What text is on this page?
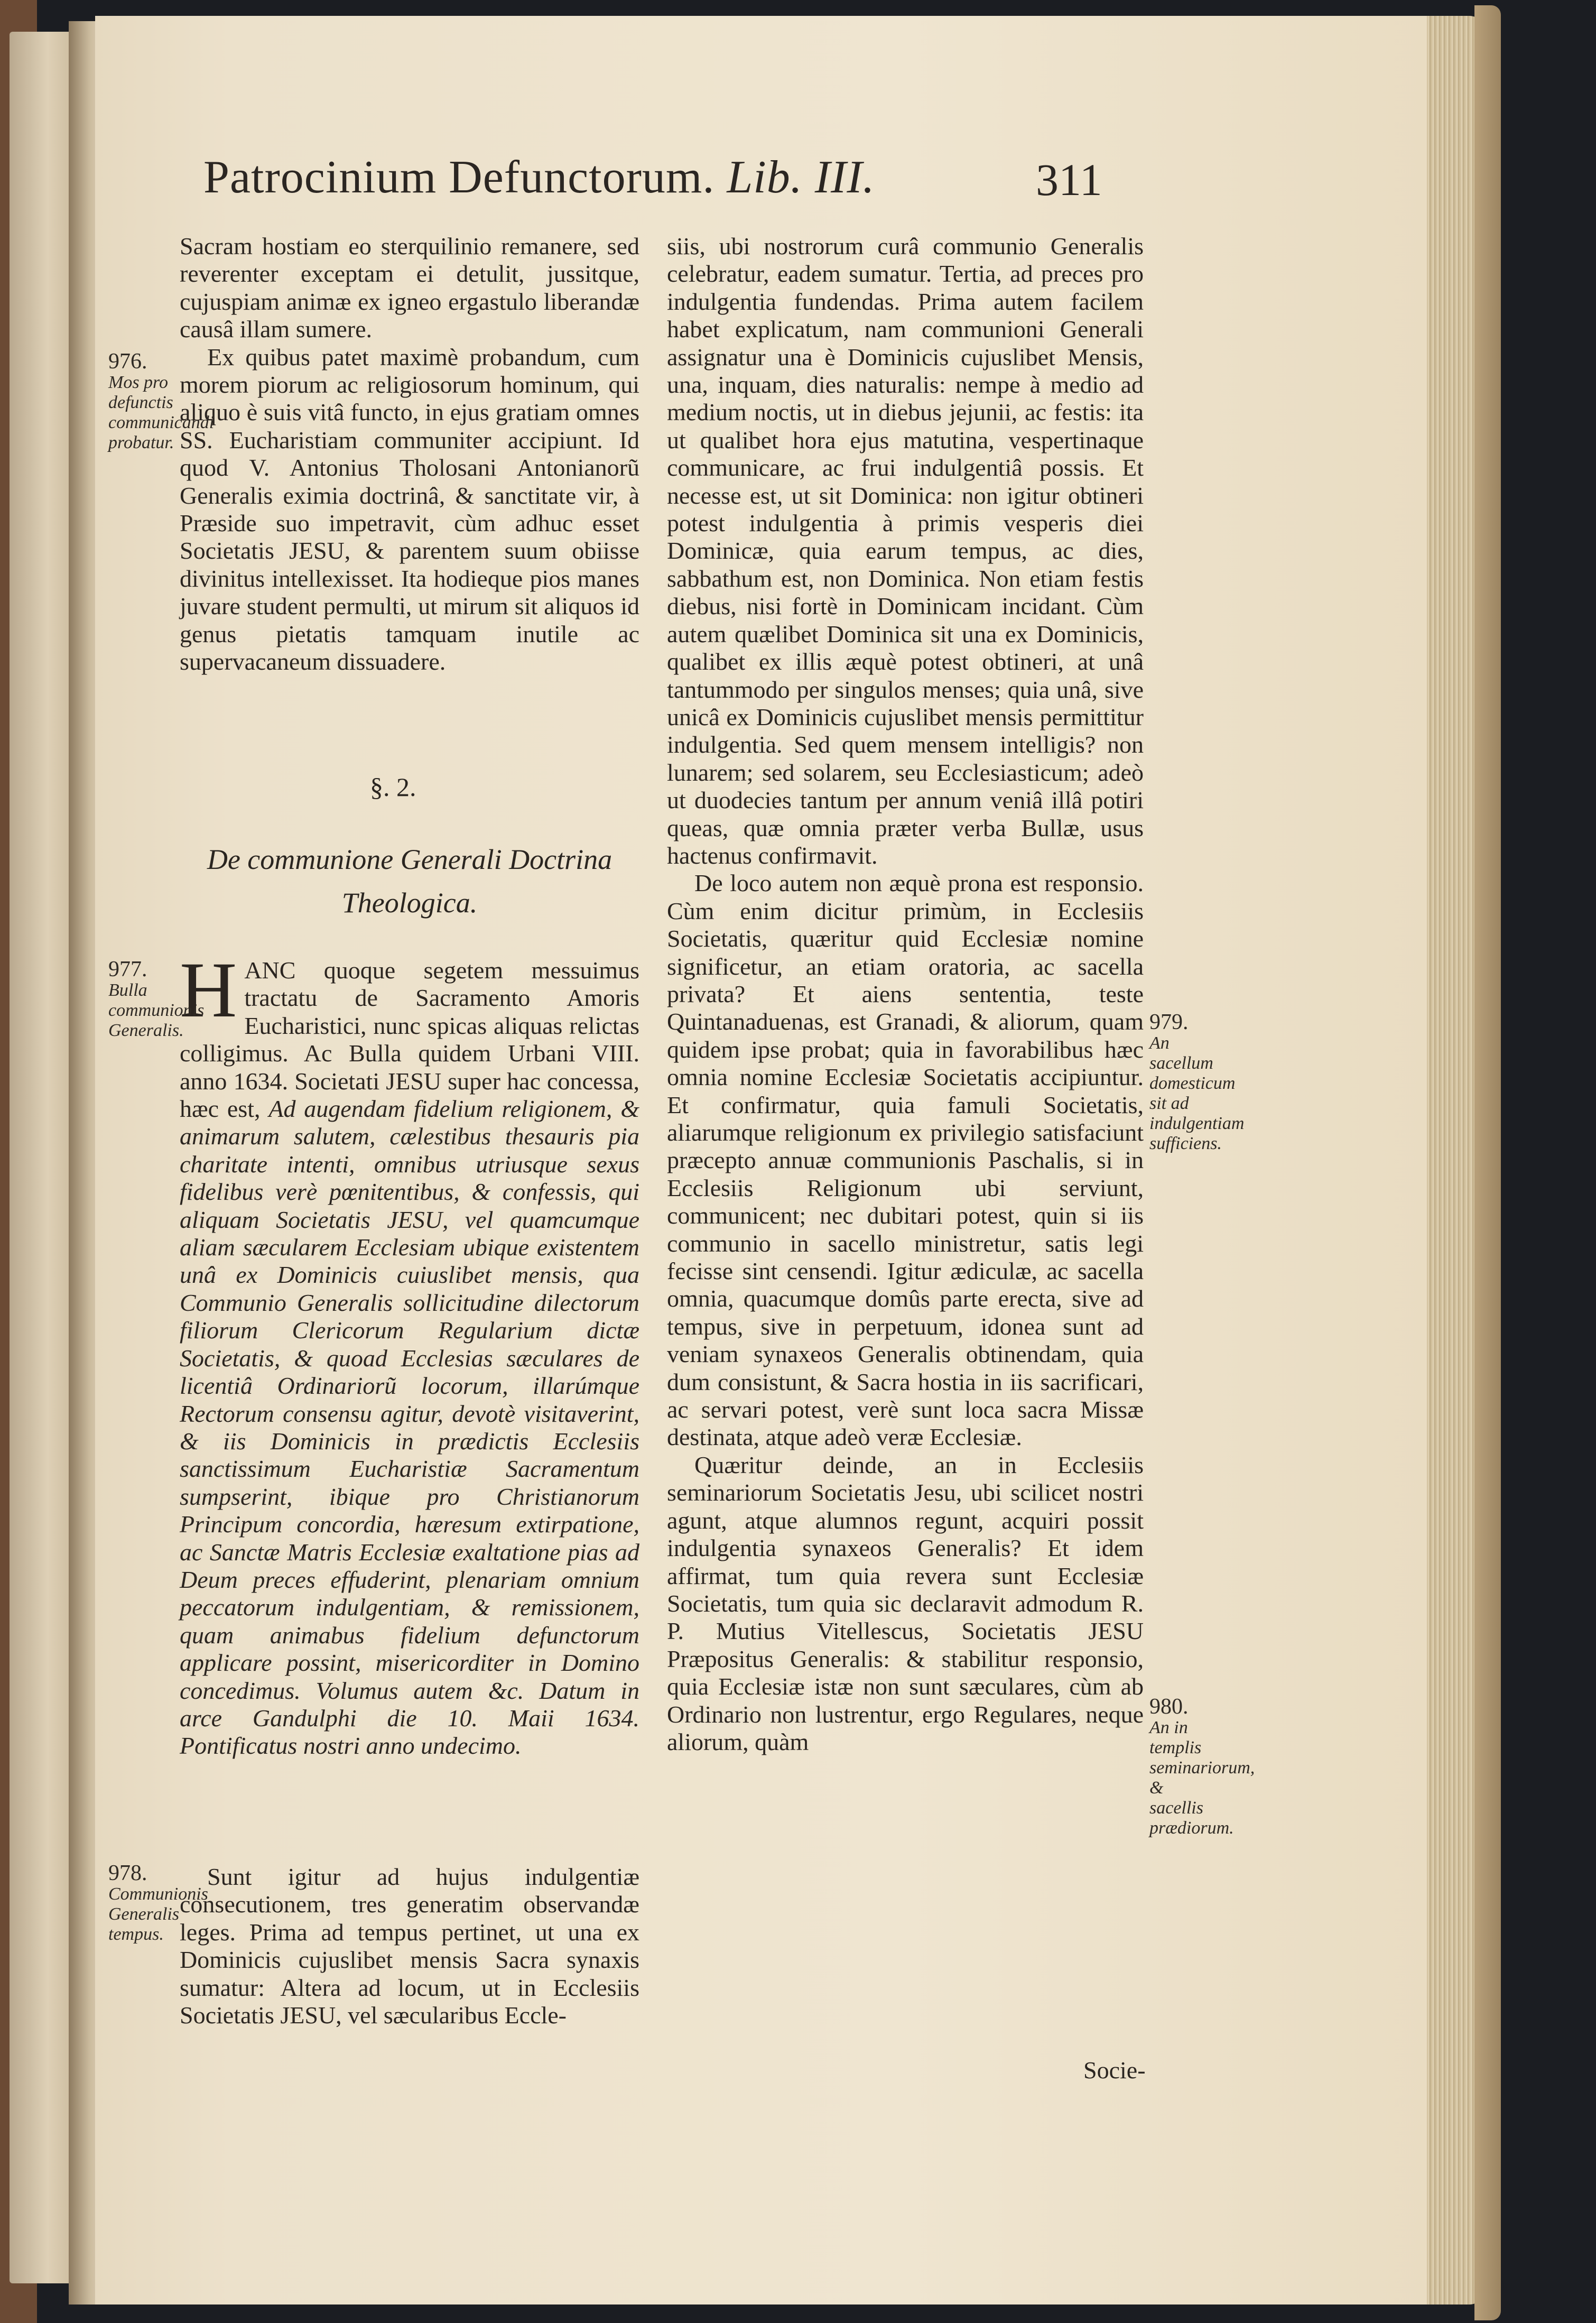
Patrocinium Defunctorum. Lib. III.	311

Sacram hostiam eo sterquilinio remanere, sed reverenter exceptam ei detulit, jussitque, cujuspiam animæ ex igneo ergastulo liberandæ causâ illam sumere.

Ex quibus patet maximè probandum, cum morem piorum ac religiosorum hominum, qui aliquo è suis vitâ functo, in ejus gratiam omnes SS. Eucharistiam communiter accipiunt. Id quod V. Antonius Tholosani Antonianorũ Generalis eximia doctrinâ, & sanctitate vir, à Præside suo impetravit, cùm adhuc esset Societatis JESU, & parentem suum obiisse divinitus intellexisset. Ita hodieque pios manes juvare student permulti, ut mirum sit aliquos id genus pietatis tamquam inutile ac supervacaneum dissuadere.

§. 2.
De communione Generali Doctrina Theologica.

H ANC quoque segetem messuimus tractatu de Sacramento Amoris Eucharistici, nunc spicas aliquas relictas colligimus. Ac Bulla quidem Urbani VIII. anno 1634. Societati JESU super hac concessa, hæc est, Ad augendam fidelium religionem, & animarum salutem, cælestibus thesauris pia charitate intenti, omnibus utriusque sexus fidelibus verè pœnitentibus, & confessis, qui aliquam Societatis JESU, vel quamcumque aliam sæcularem Ecclesiam ubique existentem unâ ex Dominicis cuiuslibet mensis, qua Communio Generalis sollicitudine dilectorum filiorum Clericorum Regularium dictæ Societatis, & quoad Ecclesias sæculares de licentiâ Ordinariorũ locorum, illarúmque Rectorum consensu agitur, devotè visitaverint, & iis Dominicis in prædictis Ecclesiis sanctissimum Eucharistiæ Sacramentum sumpserint, ibique pro Christianorum Principum concordia, hæresum extirpatione, ac Sanctæ Matris Ecclesiæ exaltatione pias ad Deum preces effuderint, plenariam omnium peccatorum indulgentiam, & remissionem, quam animabus fidelium defunctorum applicare possint, misericorditer in Domino concedimus. Volumus autem &c. Datum in arce Gandulphi die 10. Maii 1634. Pontificatus nostri anno undecimo.

Sunt igitur ad hujus indulgentiæ consecutionem, tres generatim observandæ leges. Prima ad tempus pertinet, ut una ex Dominicis cujuslibet mensis Sacra synaxis sumatur: Altera ad locum, ut in Ecclesiis Societatis JESU, vel sæcularibus Eccle-

siis, ubi nostrorum curâ communio Generalis celebratur, eadem sumatur. Tertia, ad preces pro indulgentia fundendas. Prima autem facilem habet explicatum, nam communioni Generali assignatur una è Dominicis cujuslibet Mensis, una, inquam, dies naturalis: nempe à medio ad medium noctis, ut in diebus jejunii, ac festis: ita ut qualibet hora ejus matutina, vespertinaque communicare, ac frui indulgentiâ possis. Et necesse est, ut sit Dominica: non igitur obtineri potest indulgentia à primis vesperis diei Dominicæ, quia earum tempus, ac dies, sabbathum est, non Dominica. Non etiam festis diebus, nisi fortè in Dominicam incidant. Cùm autem quælibet Dominica sit una ex Dominicis, qualibet ex illis æquè potest obtineri, at unâ tantummodo per singulos menses; quia unâ, sive unicâ ex Dominicis cujuslibet mensis permittitur indulgentia. Sed quem mensem intelligis? non lunarem; sed solarem, seu Ecclesiasticum; adeò ut duodecies tantum per annum veniâ illâ potiri queas, quæ omnia præter verba Bullæ, usus hactenus confirmavit.

De loco autem non æquè prona est responsio. Cùm enim dicitur primùm, in Ecclesiis Societatis, quæritur quid Ecclesiæ nomine significetur, an etiam oratoria, ac sacella privata? Et aiens sententia, teste Quintanaduenas, est Granadi, & aliorum, quam quidem ipse probat; quia in favorabilibus hæc omnia nomine Ecclesiæ Societatis accipiuntur. Et confirmatur, quia famuli Societatis, aliarumque religionum ex privilegio satisfaciunt præcepto annuæ communionis Paschalis, si in Ecclesiis Religionum ubi serviunt, communicent; nec dubitari potest, quin si iis communio in sacello ministretur, satis legi fecisse sint censendi. Igitur ædiculæ, ac sacella omnia, quacumque domûs parte erecta, sive ad tempus, sive in perpetuum, idonea sunt ad veniam synaxeos Generalis obtinendam, quia dum consistunt, & Sacra hostia in iis sacrificari, ac servari potest, verè sunt loca sacra Missæ destinata, atque adeò veræ Ecclesiæ.

Quæritur deinde, an in Ecclesiis seminariorum Societatis Jesu, ubi scilicet nostri agunt, atque alumnos regunt, acquiri possit indulgentia synaxeos Generalis? Et idem affirmat, tum quia revera sunt Ecclesiæ Societatis, tum quia sic declaravit admodum R. P. Mutius Vitellescus, Societatis JESU Præpositus Generalis: & stabilitur responsio, quia Ecclesiæ istæ non sunt sæculares, cùm ab Ordinario non lustrentur, ergo Regulares, neque aliorum, quàm

Socie-
976.
Mos pro defunctis communicandi probatur.
977.
Bulla communionis Generalis.
978.
Communionis Generalis tempus.
979.
An sacellum domesticum sit ad indulgentiam sufficiens.
980.
An in templis seminariorum, & sacellis prædiorum.
